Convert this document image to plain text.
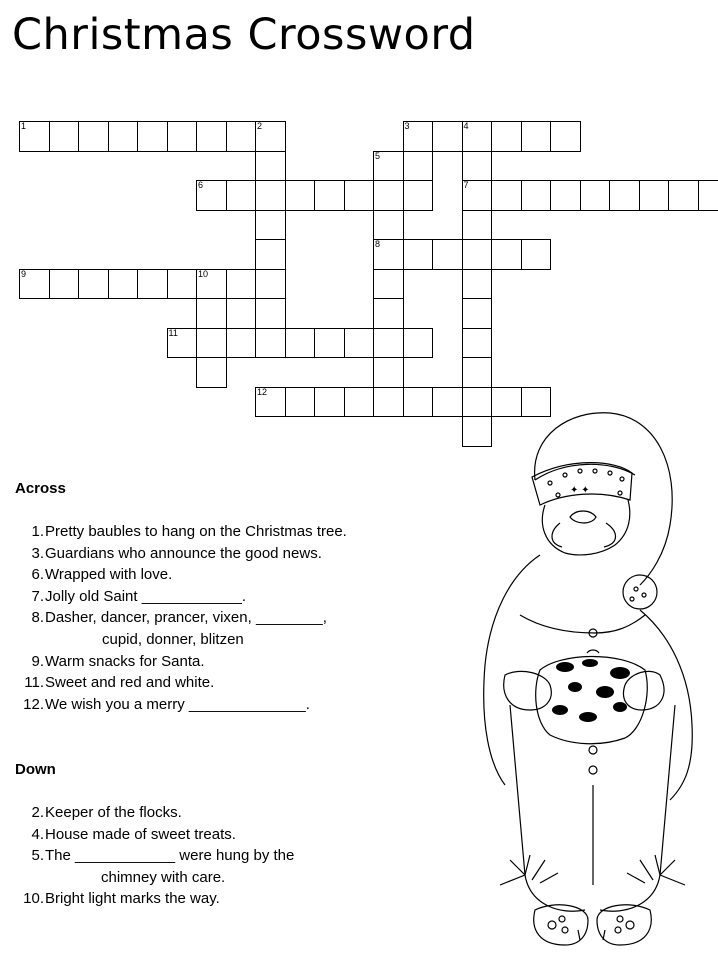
Christmas Crossword
1	2	3	4
5
6	7
8
9	10
11
12
Across
1. Pretty baubles to hang on the Christmas tree.
3. Guardians who announce the good news.
6. Wrapped with love.
7. Jolly old Saint ____________.
8. Dasher, dancer, prancer, vixen, ________,
cupid, donner, blitzen
9. Warm snacks for Santa.
11. Sweet and red and white.
12. We wish you a merry ______________.
Down
2. Keeper of the flocks.
4. House made of sweet treats.
5. The ____________ were hung by the
chimney with care.
10. Bright light marks the way.
✦ ✦
